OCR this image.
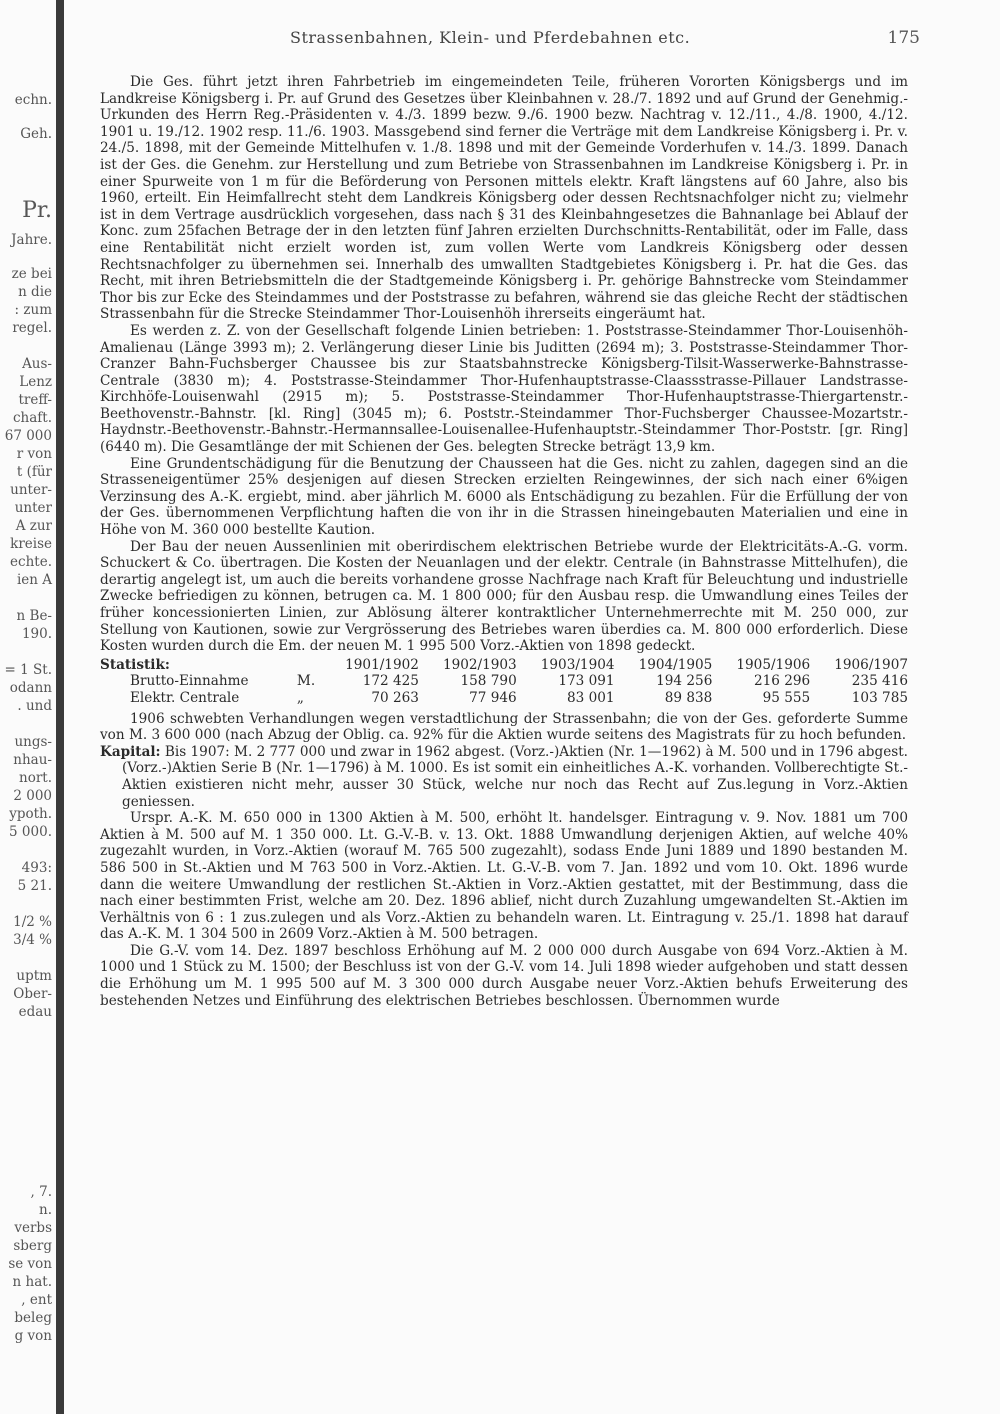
echn.
Geh.
Pr.
Jahre.
ze bei
n die
: zum
regel.
Aus-
Lenz
treff-
chaft.
67 000
r von
t (für
unter-
unter
A zur
kreise
echte.
ien A
n Be-
190.
= 1 St.
odann
. und
ungs-
nhau-
nort.
2 000
ypoth.
5 000.
493:
5 21.
1/2 %
3/4 %
uptm
Ober-
edau
, 7.
n.
verbs
sberg
se von
n hat.
, ent
beleg
g von
Strassenbahnen, Klein- und Pferdebahnen etc.	175

Die Ges. führt jetzt ihren Fahrbetrieb im eingemeindeten Teile, früheren Vororten Königsbergs und im Landkreise Königsberg i. Pr. auf Grund des Gesetzes über Kleinbahnen v. 28./7. 1892 und auf Grund der Genehmig.-Urkunden des Herrn Reg.-Präsidenten v. 4./3. 1899 bezw. 9./6. 1900 bezw. Nachtrag v. 12./11., 4./8. 1900, 4./12. 1901 u. 19./12. 1902 resp. 11./6. 1903. Massgebend sind ferner die Verträge mit dem Landkreise Königsberg i. Pr. v. 24./5. 1898, mit der Gemeinde Mittelhufen v. 1./8. 1898 und mit der Gemeinde Vorderhufen v. 14./3. 1899. Danach ist der Ges. die Genehm. zur Herstellung und zum Betriebe von Strassenbahnen im Landkreise Königsberg i. Pr. in einer Spurweite von 1 m für die Beförderung von Personen mittels elektr. Kraft längstens auf 60 Jahre, also bis 1960, erteilt. Ein Heimfallrecht steht dem Landkreis Königsberg oder dessen Rechtsnachfolger nicht zu; vielmehr ist in dem Vertrage ausdrücklich vorgesehen, dass nach § 31 des Kleinbahngesetzes die Bahnanlage bei Ablauf der Konc. zum 25fachen Betrage der in den letzten fünf Jahren erzielten Durchschnitts-Rentabilität, oder im Falle, dass eine Rentabilität nicht erzielt worden ist, zum vollen Werte vom Landkreis Königsberg oder dessen Rechtsnachfolger zu übernehmen sei. Innerhalb des umwallten Stadtgebietes Königsberg i. Pr. hat die Ges. das Recht, mit ihren Betriebsmitteln die der Stadtgemeinde Königsberg i. Pr. gehörige Bahnstrecke vom Steindammer Thor bis zur Ecke des Steindammes und der Poststrasse zu befahren, während sie das gleiche Recht der städtischen Strassenbahn für die Strecke Steindammer Thor-Louisenhöh ihrerseits eingeräumt hat.

Es werden z. Z. von der Gesellschaft folgende Linien betrieben: 1. Poststrasse-Steindammer Thor-Louisenhöh-Amalienau (Länge 3993 m); 2. Verlängerung dieser Linie bis Juditten (2694 m); 3. Poststrasse-Steindammer Thor-Cranzer Bahn-Fuchsberger Chaussee bis zur Staatsbahnstrecke Königsberg-Tilsit-Wasserwerke-Bahnstrasse-Centrale (3830 m); 4. Poststrasse-Steindammer Thor-Hufenhauptstrasse-Claassstrasse-Pillauer Landstrasse-Kirchhöfe-Louisenwahl (2915 m); 5. Poststrasse-Steindammer Thor-Hufenhauptstrasse-Thiergartenstr.-Beethovenstr.-Bahnstr. [kl. Ring] (3045 m); 6. Poststr.-Steindammer Thor-Fuchsberger Chaussee-Mozartstr.-Haydnstr.-Beethovenstr.-Bahnstr.-Hermannsallee-Louisenallee-Hufenhauptstr.-Steindammer Thor-Poststr. [gr. Ring] (6440 m). Die Gesamtlänge der mit Schienen der Ges. belegten Strecke beträgt 13,9 km.

Eine Grundentschädigung für die Benutzung der Chausseen hat die Ges. nicht zu zahlen, dagegen sind an die Strasseneigentümer 25% desjenigen auf diesen Strecken erzielten Reingewinnes, der sich nach einer 6%igen Verzinsung des A.-K. ergiebt, mind. aber jährlich M. 6000 als Entschädigung zu bezahlen. Für die Erfüllung der von der Ges. übernommenen Verpflichtung haften die von ihr in die Strassen hineingebauten Materialien und eine in Höhe von M. 360 000 bestellte Kaution.

Der Bau der neuen Aussenlinien mit oberirdischem elektrischen Betriebe wurde der Elektricitäts-A.-G. vorm. Schuckert & Co. übertragen. Die Kosten der Neuanlagen und der elektr. Centrale (in Bahnstrasse Mittelhufen), die derartig angelegt ist, um auch die bereits vorhandene grosse Nachfrage nach Kraft für Beleuchtung und industrielle Zwecke befriedigen zu können, betrugen ca. M. 1 800 000; für den Ausbau resp. die Umwandlung eines Teiles der früher koncessionierten Linien, zur Ablösung älterer kontraktlicher Unternehmerrechte mit M. 250 000, zur Stellung von Kautionen, sowie zur Vergrösserung des Betriebes waren überdies ca. M. 800 000 erforderlich. Diese Kosten wurden durch die Em. der neuen M. 1 995 500 Vorz.-Aktien von 1898 gedeckt.

Statistik:		1901/1902	1902/1903	1903/1904	1904/1905	1905/1906	1906/1907
Brutto-Einnahme	M.	172 425	158 790	173 091	194 256	216 296	235 416
Elektr. Centrale	„	70 263	77 946	83 001	89 838	95 555	103 785

1906 schwebten Verhandlungen wegen verstadtlichung der Strassenbahn; die von der Ges. geforderte Summe von M. 3 600 000 (nach Abzug der Oblig. ca. 92% für die Aktien wurde seitens des Magistrats für zu hoch befunden.

Kapital: Bis 1907: M. 2 777 000 und zwar in 1962 abgest. (Vorz.-)Aktien (Nr. 1—1962) à M. 500 und in 1796 abgest. (Vorz.-)Aktien Serie B (Nr. 1—1796) à M. 1000. Es ist somit ein einheitliches A.-K. vorhanden. Vollberechtigte St.-Aktien existieren nicht mehr, ausser 30 Stück, welche nur noch das Recht auf Zus.legung in Vorz.-Aktien geniessen.

Urspr. A.-K. M. 650 000 in 1300 Aktien à M. 500, erhöht lt. handelsger. Eintragung v. 9. Nov. 1881 um 700 Aktien à M. 500 auf M. 1 350 000. Lt. G.-V.-B. v. 13. Okt. 1888 Umwandlung derjenigen Aktien, auf welche 40% zugezahlt wurden, in Vorz.-Aktien (worauf M. 765 500 zugezahlt), sodass Ende Juni 1889 und 1890 bestanden M. 586 500 in St.-Aktien und M 763 500 in Vorz.-Aktien. Lt. G.-V.-B. vom 7. Jan. 1892 und vom 10. Okt. 1896 wurde dann die weitere Umwandlung der restlichen St.-Aktien in Vorz.-Aktien gestattet, mit der Bestimmung, dass die nach einer bestimmten Frist, welche am 20. Dez. 1896 ablief, nicht durch Zuzahlung umgewandelten St.-Aktien im Verhältnis von 6 : 1 zus.zulegen und als Vorz.-Aktien zu behandeln waren. Lt. Eintragung v. 25./1. 1898 hat darauf das A.-K. M. 1 304 500 in 2609 Vorz.-Aktien à M. 500 betragen.

Die G.-V. vom 14. Dez. 1897 beschloss Erhöhung auf M. 2 000 000 durch Ausgabe von 694 Vorz.-Aktien à M. 1000 und 1 Stück zu M. 1500; der Beschluss ist von der G.-V. vom 14. Juli 1898 wieder aufgehoben und statt dessen die Erhöhung um M. 1 995 500 auf M. 3 300 000 durch Ausgabe neuer Vorz.-Aktien behufs Erweiterung des bestehenden Netzes und Einführung des elektrischen Betriebes beschlossen. Übernommen wurde
